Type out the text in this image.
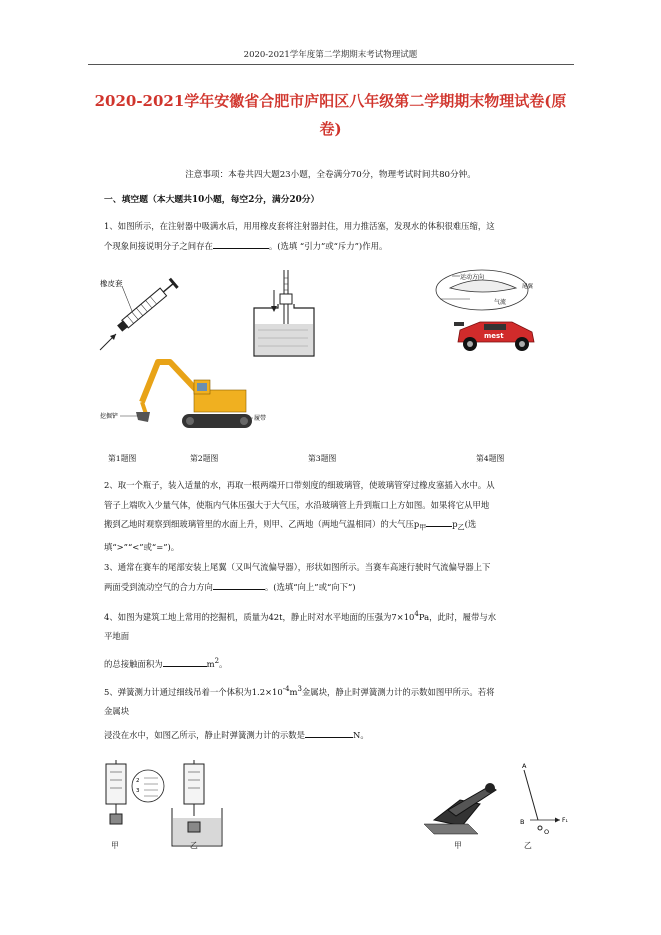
2020-2021学年度第二学期期末考试物理试题
2020-2021学年安徽省合肥市庐阳区八年级第二学期期末物理试卷(原
卷)
注意事项：本卷共四大题23小题，全卷满分70分，物理考试时间共80分钟。
一、填空题（本大题共10小题，每空2分，满分20分）

1、如图所示，在注射器中吸满水后，用用橡皮套将注射器封住，用力推活塞，发现水的体积很难压缩，这

个现象间接说明分子之间存在	。(选填 “引力”或“斥力”)作用。

橡皮套
运动方向
气流
尾翼
mest
挖掘铲	履带
第1题图	第2题图	第3题图	第4题图

2、取一个瓶子，装入适量的水，再取一根两端开口带刻度的细玻璃管，使玻璃管穿过橡皮塞插入水中。从

管子上端吹入少量气体，使瓶内气体压强大于大气压，水沿玻璃管上升到瓶口上方如图。如果将它从甲地

搬到乙地时观察到细玻璃管里的水面上升，则甲、乙两地（两地气温相同）的大气压$p_甲$	$p_乙$(选

填“>”“<”或“=”)。

3、通常在赛车的尾部安装上尾翼（又叫气流偏导器），形状如图所示。当赛车高速行驶时气流偏导器上下

两面受到流动空气的合力方向	。(选填“向上”或“向下”)

4、如图为建筑工地上常用的挖掘机，质量为42t，静止时对水平地面的压强为$7\times 10^4Pa$，此时，履带与水

平地面

的总接触面积为	$m^2$。

5、弹簧测力计通过细线吊着一个体积为$1.2\times 10^{-4}m^3$金属块，静止时弹簧测力计的示数如图甲所示。若将

金属块

浸没在水中，如图乙所示，静止时弹簧测力计的示数是	N。

2
3
甲	乙
A
B	F₁
O
甲	乙
